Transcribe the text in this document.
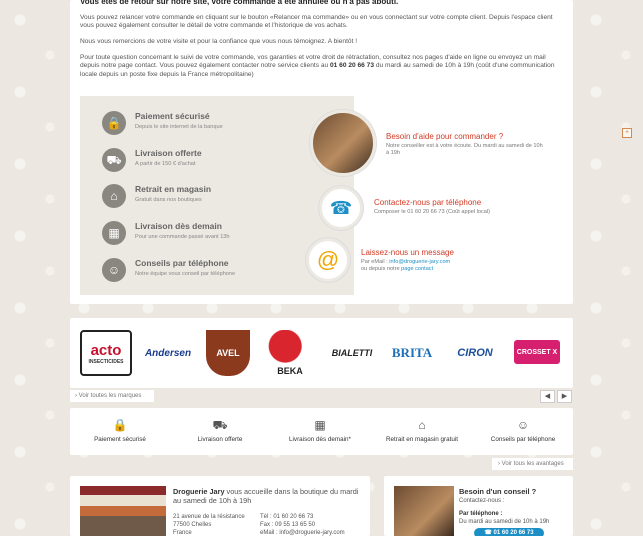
Vous êtes de retour sur notre site, votre commande a été annulée ou n'a pas abouti.

Vous pouvez relancer votre commande en cliquant sur le bouton «Relancer ma commande» ou en vous connectant sur votre compte client. Depuis l'espace client vous pouvez également consulter le détail de votre commande et l'historique de vos achats.

Nous vous remercions de votre visite et pour la confiance que vous nous témoignez. A bientôt !

Pour toute question concernant le suivi de votre commande, vos garanties et votre droit de rétractation, consultez nos pages d'aide en ligne ou envoyez un mail depuis notre page contact. Vous pouvez également contacter notre service clients au 01 60 20 66 73 du mardi au samedi de 10h à 19h (coût d'une communication locale depuis un poste fixe depuis la France métropolitaine)

🔒	Paiement sécurisé
Depuis le site internet de la banque
⛟	Livraison offerte
A partir de 150 € d'achat
⌂	Retrait en magasin
Gratuit dans nos boutiques
▦	Livraison dès demain
Pour une commande passé avant 13h
☺	Conseils par téléphone
Notre équipe vous conseil par téléphone
Besoin d'aide pour commander ?
Notre conseiller est à votre écoute. Du mardi au samedi de 10h à 19h
☎	Contactez-nous par téléphone
Composer le 01 60 20 66 73 (Coût appel local)
@	Laissez-nous un message
Par eMail : info@droguerie-jary.com
ou depuis notre page contact
+
acto
INSECTICIDES
Andersen	AVEL
BEKA
BIALETTI BRITA	CIRON	CROSSET X
› Voir toutes les marques	◀	▶
🔒
Paiement sécurisé
⛟
Livraison offerte
▦
Livraison dès demain*
⌂
Retrait en magasin gratuit
☺
Conseils par téléphone
› Voir tous les avantages
Droguerie Jary vous accueille dans la boutique du mardi au samedi de 10h à 19h
21 avenue de la résistance
77500 Chelles
France
Tél : 01 60 20 66 73
Fax : 09 55 13 65 50
eMail : info@droguerie-jary.com
Besoin d'un conseil ?
Contactez-nous :
Par téléphone :
Du mardi au samedi de 10h à 19h
☎ 01 60 20 66 73
